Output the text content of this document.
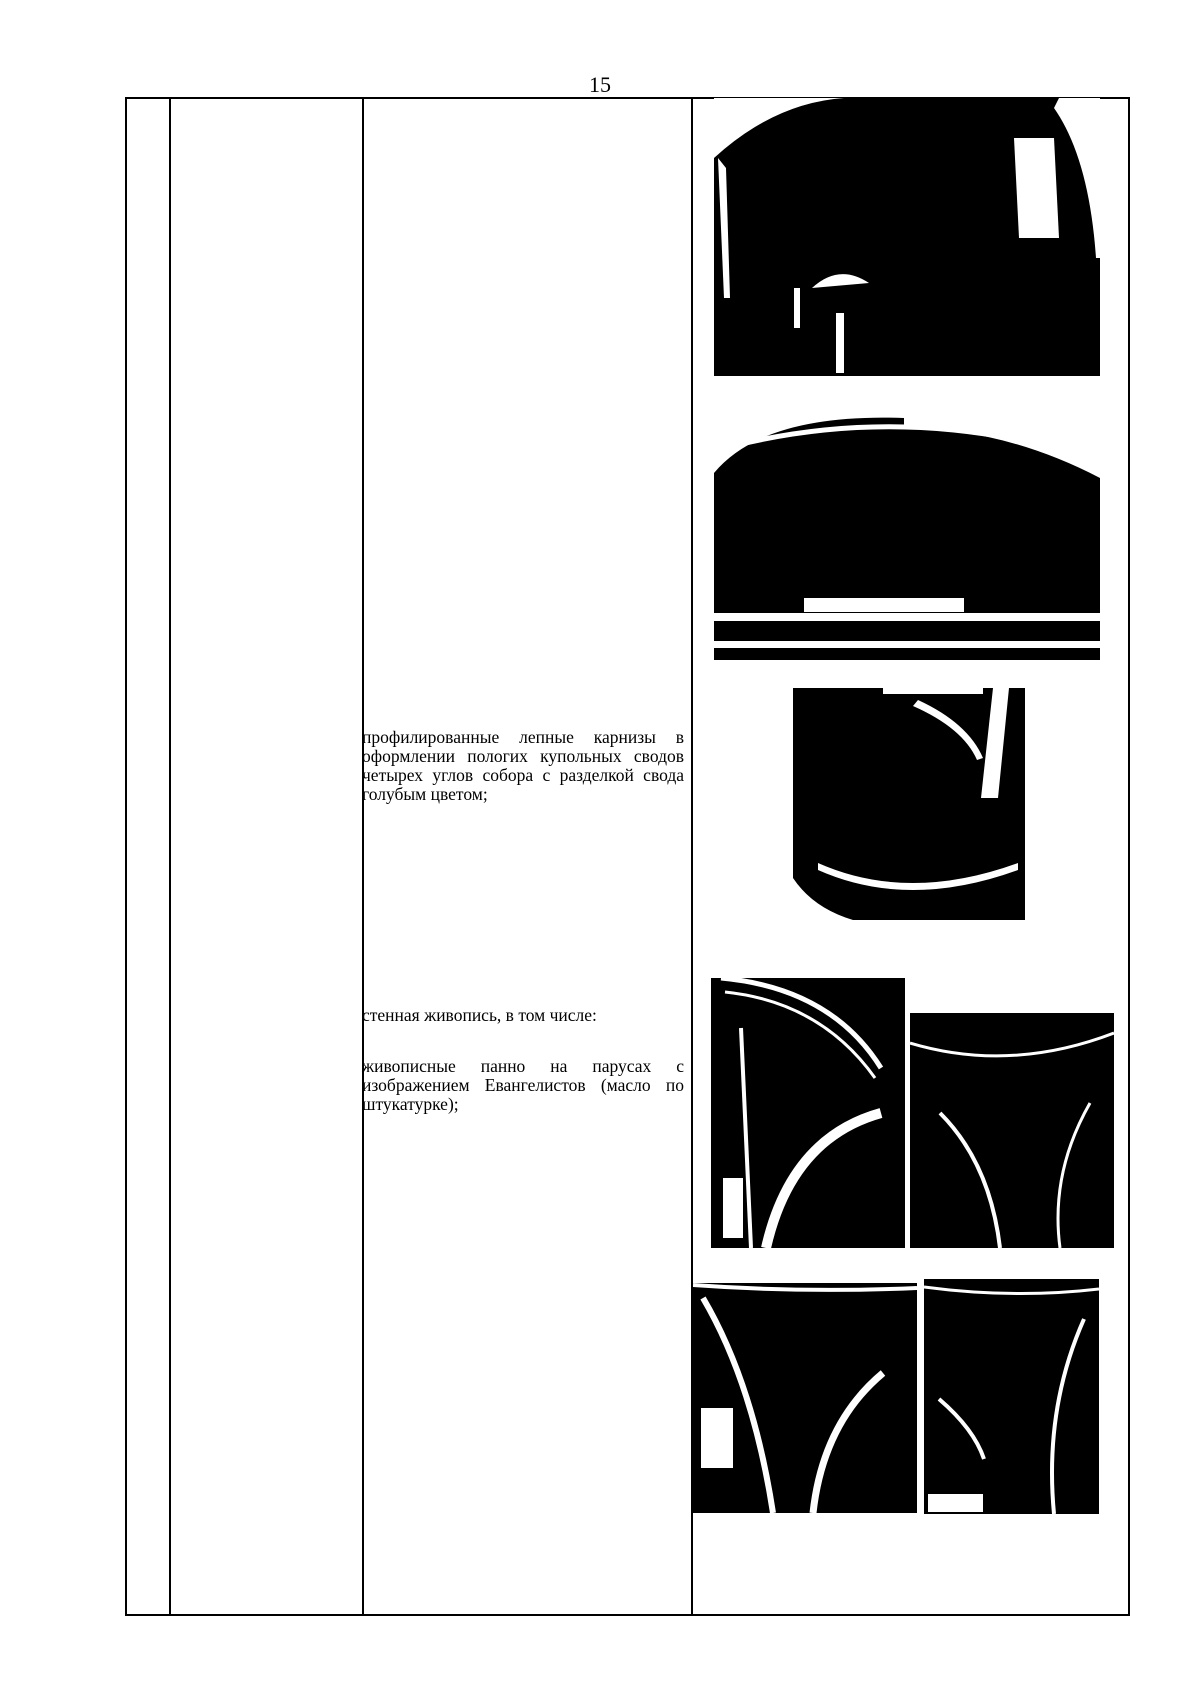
15
профилированные лепные карнизы в оформлении пологих купольных сводов четырех углов собора с разделкой свода голубым цветом;
стенная живопись, в том числе:
живописные панно на парусах с изображением Евангелистов (масло по штукатурке);
